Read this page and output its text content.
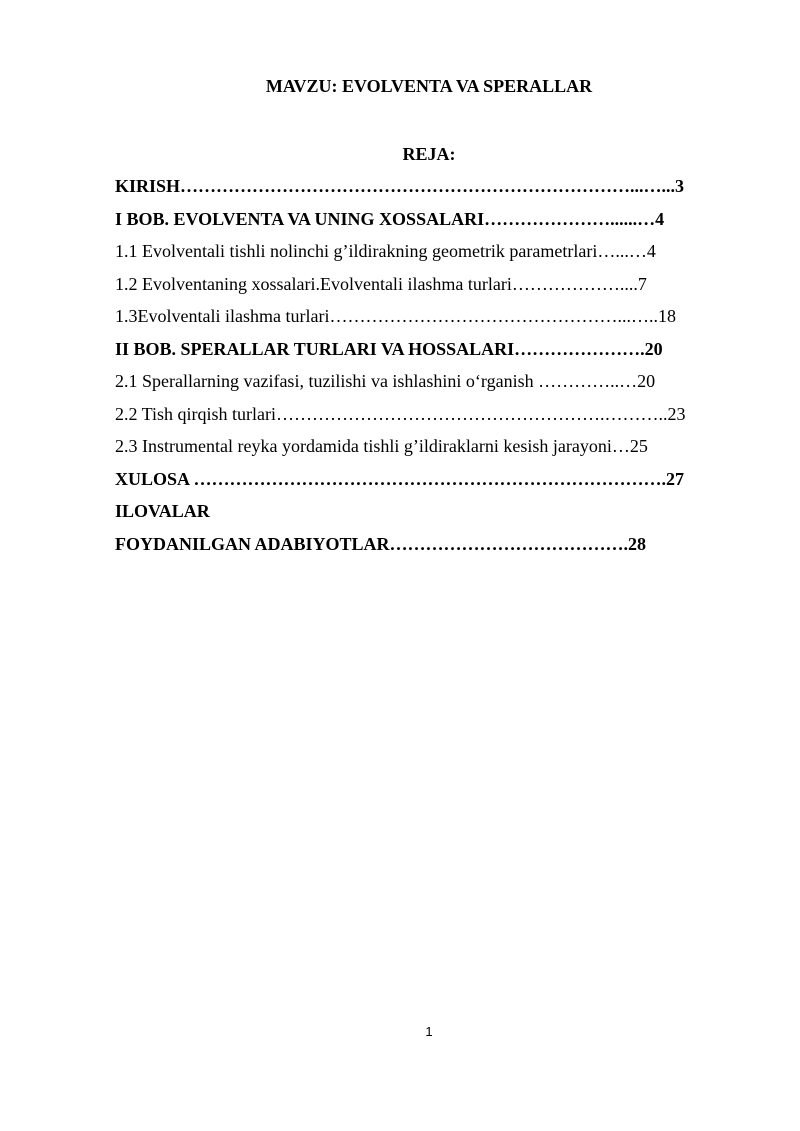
MAVZU: EVOLVENTA VA SPERALLAR
REJA:
KIRISH…………………………………………………………………...…...3
I BOB. EVOLVENTA VA UNING XOSSALARI…………………......…4
1.1 Evolventali tishli nolinchi g’ildirakning geometrik parametrlari…...…4
1.2 Evolventaning xossalari.Evolventali ilashma turlari………………....7
1.3Evolventali ilashma turlari…………………………………………...…..18
II BOB. SPERALLAR TURLARI VA HOSSALARI………………….20
2.1 Sperallarning vazifasi, tuzilishi va ishlashini o‘rganish …………..…20
2.2 Tish qirqish turlari……………………………………………….………..23
2.3 Instrumental reyka yordamida tishli g’ildiraklarni kesish jarayoni…25
XULOSA …………………………………………………………………….27
ILOVALAR
FOYDANILGAN ADABIYOTLAR………………………………….28
1
